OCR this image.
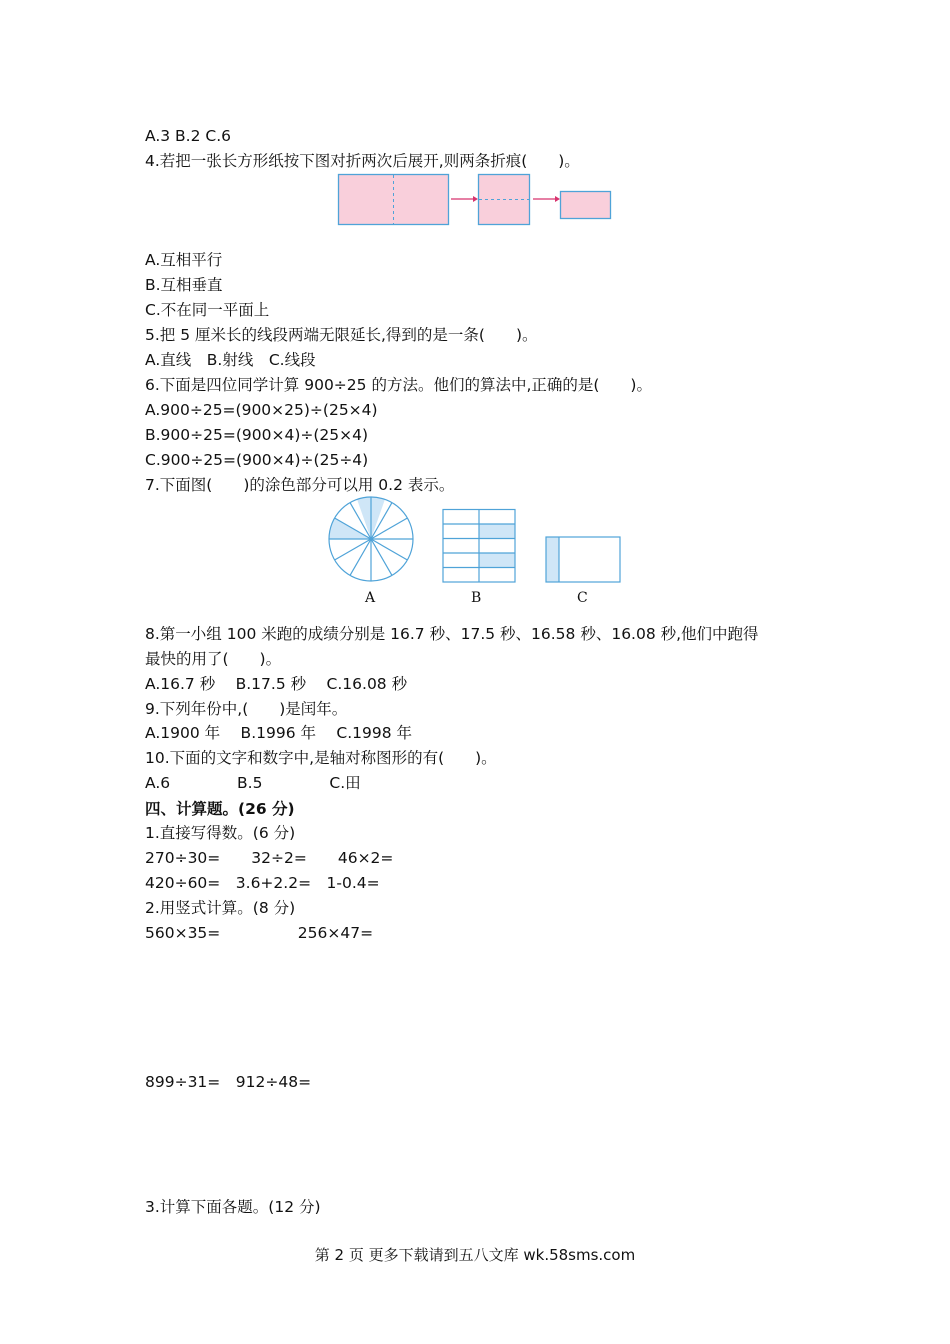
A.3 B.2 C.6
4.若把一张长方形纸按下图对折两次后展开,则两条折痕(　　)。
A.互相平行
B.互相垂直
C.不在同一平面上
5.把 5 厘米长的线段两端无限延长,得到的是一条(　　)。
A.直线　B.射线　C.线段
6.下面是四位同学计算 900÷25 的方法。他们的算法中,正确的是(　　)。
A.900÷25=(900×25)÷(25×4)
B.900÷25=(900×4)÷(25×4)
C.900÷25=(900×4)÷(25÷4)
7.下面图(　　)的涂色部分可以用 0.2 表示。
A	B	C
8.第一小组 100 米跑的成绩分别是 16.7 秒、17.5 秒、16.58 秒、16.08 秒,他们中跑得
最快的用了(　　)。
A.16.7 秒　 B.17.5 秒　 C.16.08 秒
9.下列年份中,(　　)是闰年。
A.1900 年　 B.1996 年　 C.1998 年
10.下面的文字和数字中,是轴对称图形的有(　　)。
A.6　　　　 B.5　　　　 C.田
四、计算题。(26 分)
1.直接写得数。(6 分)
270÷30=　　32÷2=　　46×2=
420÷60=　3.6+2.2=　1-0.4=
2.用竖式计算。(8 分)
560×35=　　　　　256×47=
899÷31=　912÷48=
3.计算下面各题。(12 分)
第 2 页 更多下载请到五八文库 wk.58sms.com
